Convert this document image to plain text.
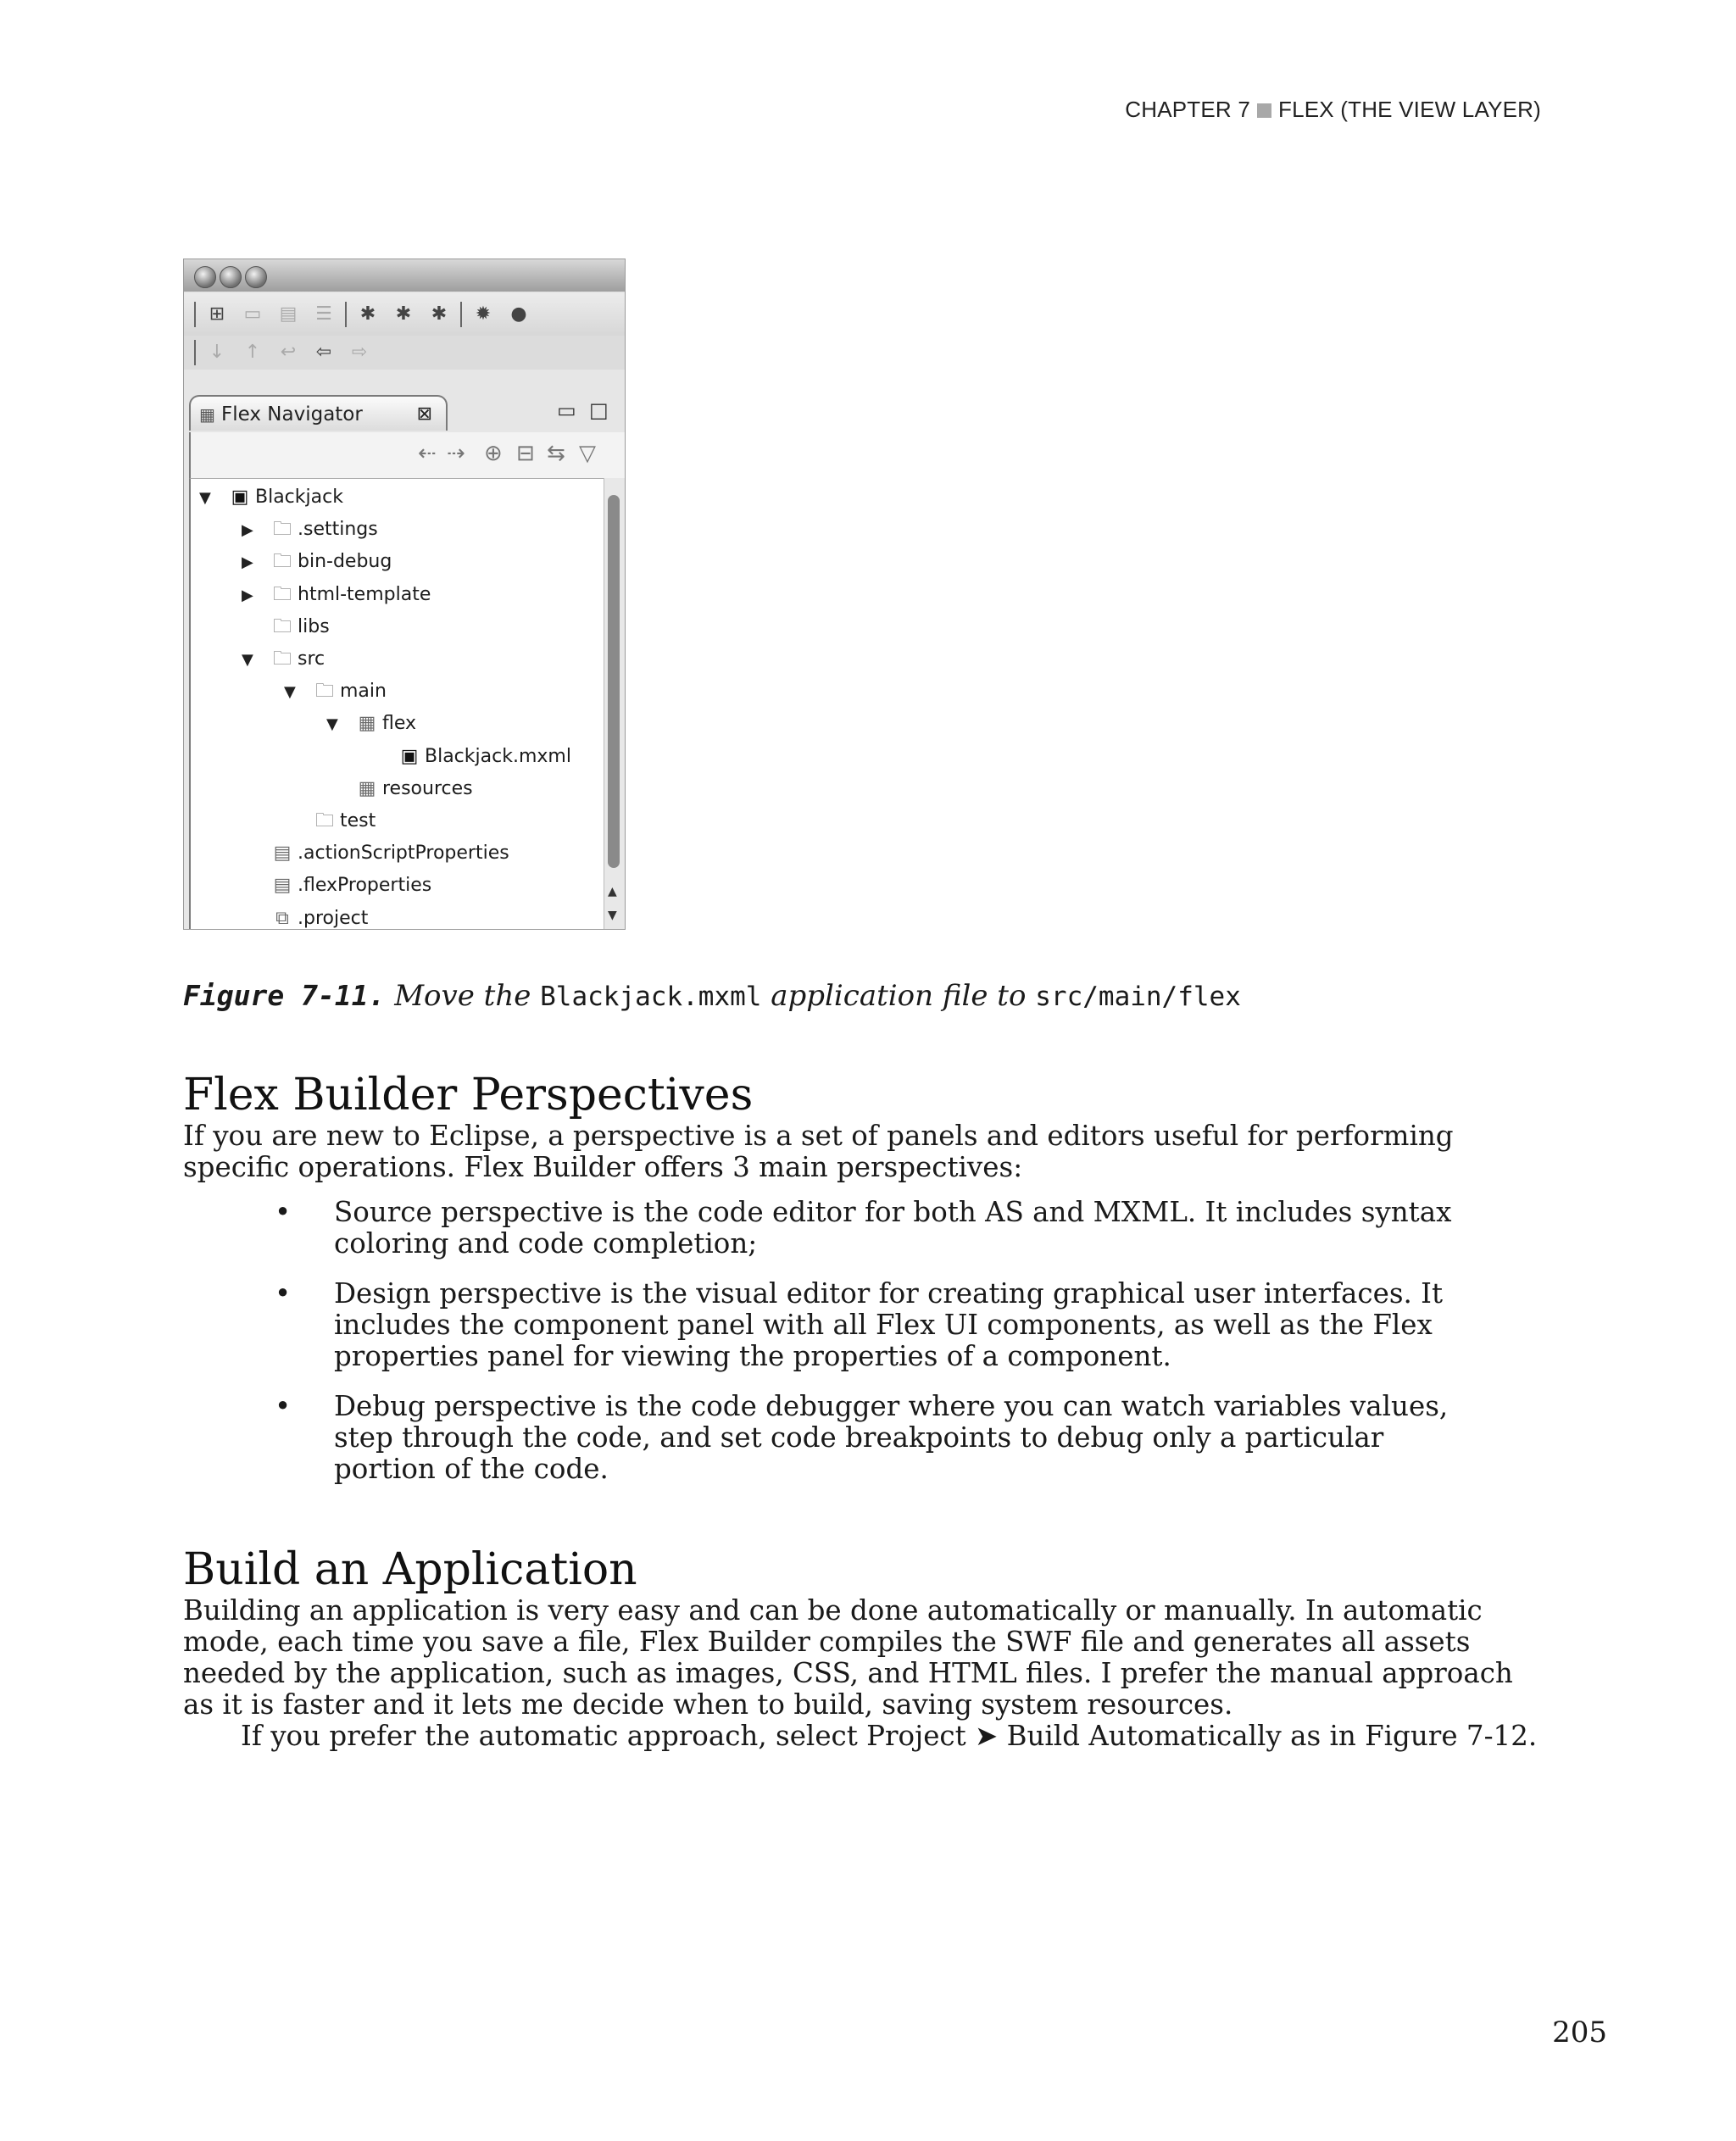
CHAPTER 7 FLEX (THE VIEW LAYER)
⊞	▭ ▤ ☰	✱	✱	✱	✹	●
↓	↑	↩	⇦	⇨
▦ Flex Navigator	⊠	▭ □
⇠ ⇢ ⊕ ⊟ ⇆ ▽
▼ ▣ Blackjack
▶ 🗀 .settings
▶ 🗀 bin-debug
▶ 🗀 html-template
🗀 libs
▼ 🗀 src
▼ 🗀 main
▼ ▦ flex
▣ Blackjack.mxml
▦ resources
🗀 test
▤ .actionScriptProperties
▤ .flexProperties
⧉ .project
▲
▼
Figure 7-11. Move the Blackjack.mxml application file to src/main/flex
Flex Builder Perspectives

If you are new to Eclipse, a perspective is a set of panels and editors useful for performing specific operations. Flex Builder offers 3 main perspectives:

• Source perspective is the code editor for both AS and MXML. It includes syntax coloring and code completion;
• Design perspective is the visual editor for creating graphical user interfaces. It includes the component panel with all Flex UI components, as well as the Flex properties panel for viewing the properties of a component.
• Debug perspective is the code debugger where you can watch variables values, step through the code, and set code breakpoints to debug only a particular portion of the code.
Build an Application

Building an application is very easy and can be done automatically or manually. In automatic mode, each time you save a file, Flex Builder compiles the SWF file and generates all assets needed by the application, such as images, CSS, and HTML files. I prefer the manual approach as it is faster and it lets me decide when to build, saving system resources.

If you prefer the automatic approach, select Project ➤ Build Automatically as in Figure 7-12.

205
